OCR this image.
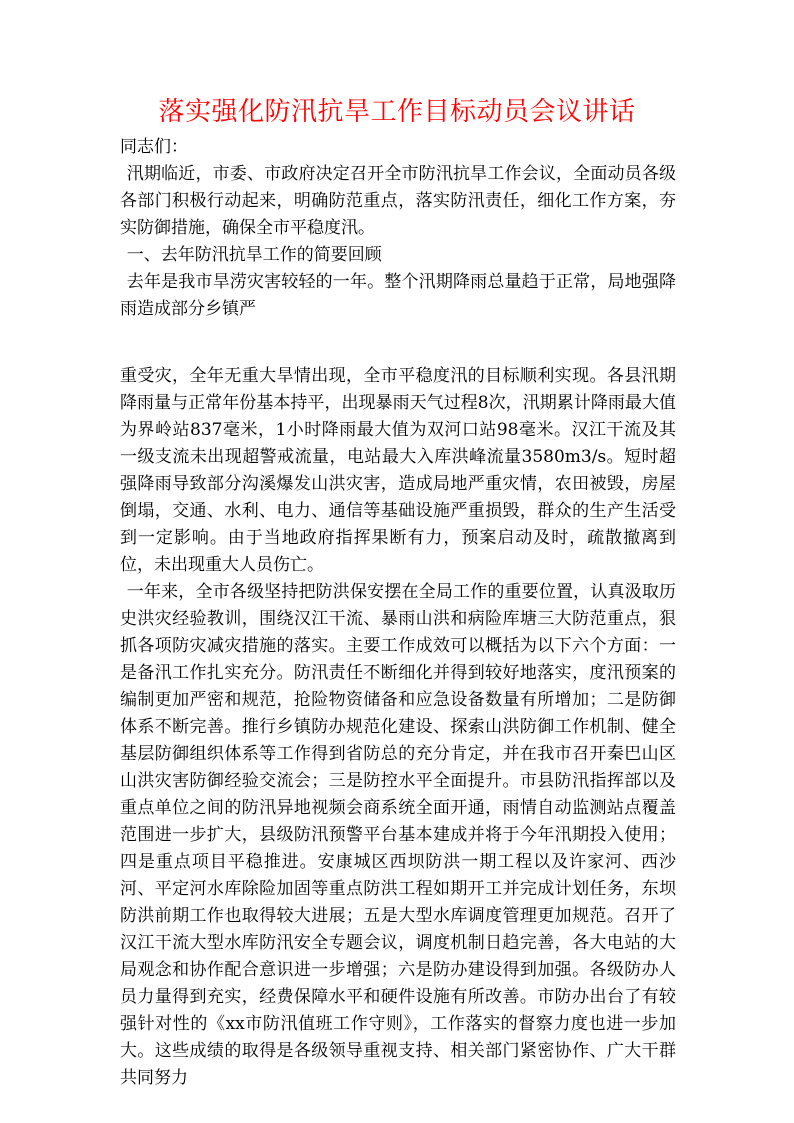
落实强化防汛抗旱工作目标动员会议讲话

同志们：

汛期临近，市委、市政府决定召开全市防汛抗旱工作会议，全面动员各级各部门积极行动起来，明确防范重点，落实防汛责任，细化工作方案，夯实防御措施，确保全市平稳度汛。

一、去年防汛抗旱工作的简要回顾

去年是我市旱涝灾害较轻的一年。整个汛期降雨总量趋于正常，局地强降雨造成部分乡镇严

重受灾，全年无重大旱情出现，全市平稳度汛的目标顺利实现。各县汛期降雨量与正常年份基本持平，出现暴雨天气过程8次，汛期累计降雨最大值为界岭站837毫米，1小时降雨最大值为双河口站98毫米。汉江干流及其一级支流未出现超警戒流量，电站最大入库洪峰流量3580m3/s。短时超强降雨导致部分沟溪爆发山洪灾害，造成局地严重灾情，农田被毁，房屋倒塌，交通、水利、电力、通信等基础设施严重损毁，群众的生产生活受到一定影响。由于当地政府指挥果断有力，预案启动及时，疏散撤离到位，未出现重大人员伤亡。

一年来，全市各级坚持把防洪保安摆在全局工作的重要位置，认真汲取历史洪灾经验教训，围绕汉江干流、暴雨山洪和病险库塘三大防范重点，狠抓各项防灾减灾措施的落实。主要工作成效可以概括为以下六个方面：一是备汛工作扎实充分。防汛责任不断细化并得到较好地落实，度汛预案的编制更加严密和规范，抢险物资储备和应急设备数量有所增加；二是防御体系不断完善。推行乡镇防办规范化建设、探索山洪防御工作机制、健全基层防御组织体系等工作得到省防总的充分肯定，并在我市召开秦巴山区山洪灾害防御经验交流会；三是防控水平全面提升。市县防汛指挥部以及重点单位之间的防汛异地视频会商系统全面开通，雨情自动监测站点覆盖范围进一步扩大，县级防汛预警平台基本建成并将于今年汛期投入使用；四是重点项目平稳推进。安康城区西坝防洪一期工程以及许家河、西沙河、平定河水库除险加固等重点防洪工程如期开工并完成计划任务，东坝防洪前期工作也取得较大进展；五是大型水库调度管理更加规范。召开了汉江干流大型水库防汛安全专题会议，调度机制日趋完善，各大电站的大局观念和协作配合意识进一步增强；六是防办建设得到加强。各级防办人员力量得到充实，经费保障水平和硬件设施有所改善。市防办出台了有较强针对性的《xx市防汛值班工作守则》，工作落实的督察力度也进一步加大。这些成绩的取得是各级领导重视支持、相关部门紧密协作、广大干群共同努力
